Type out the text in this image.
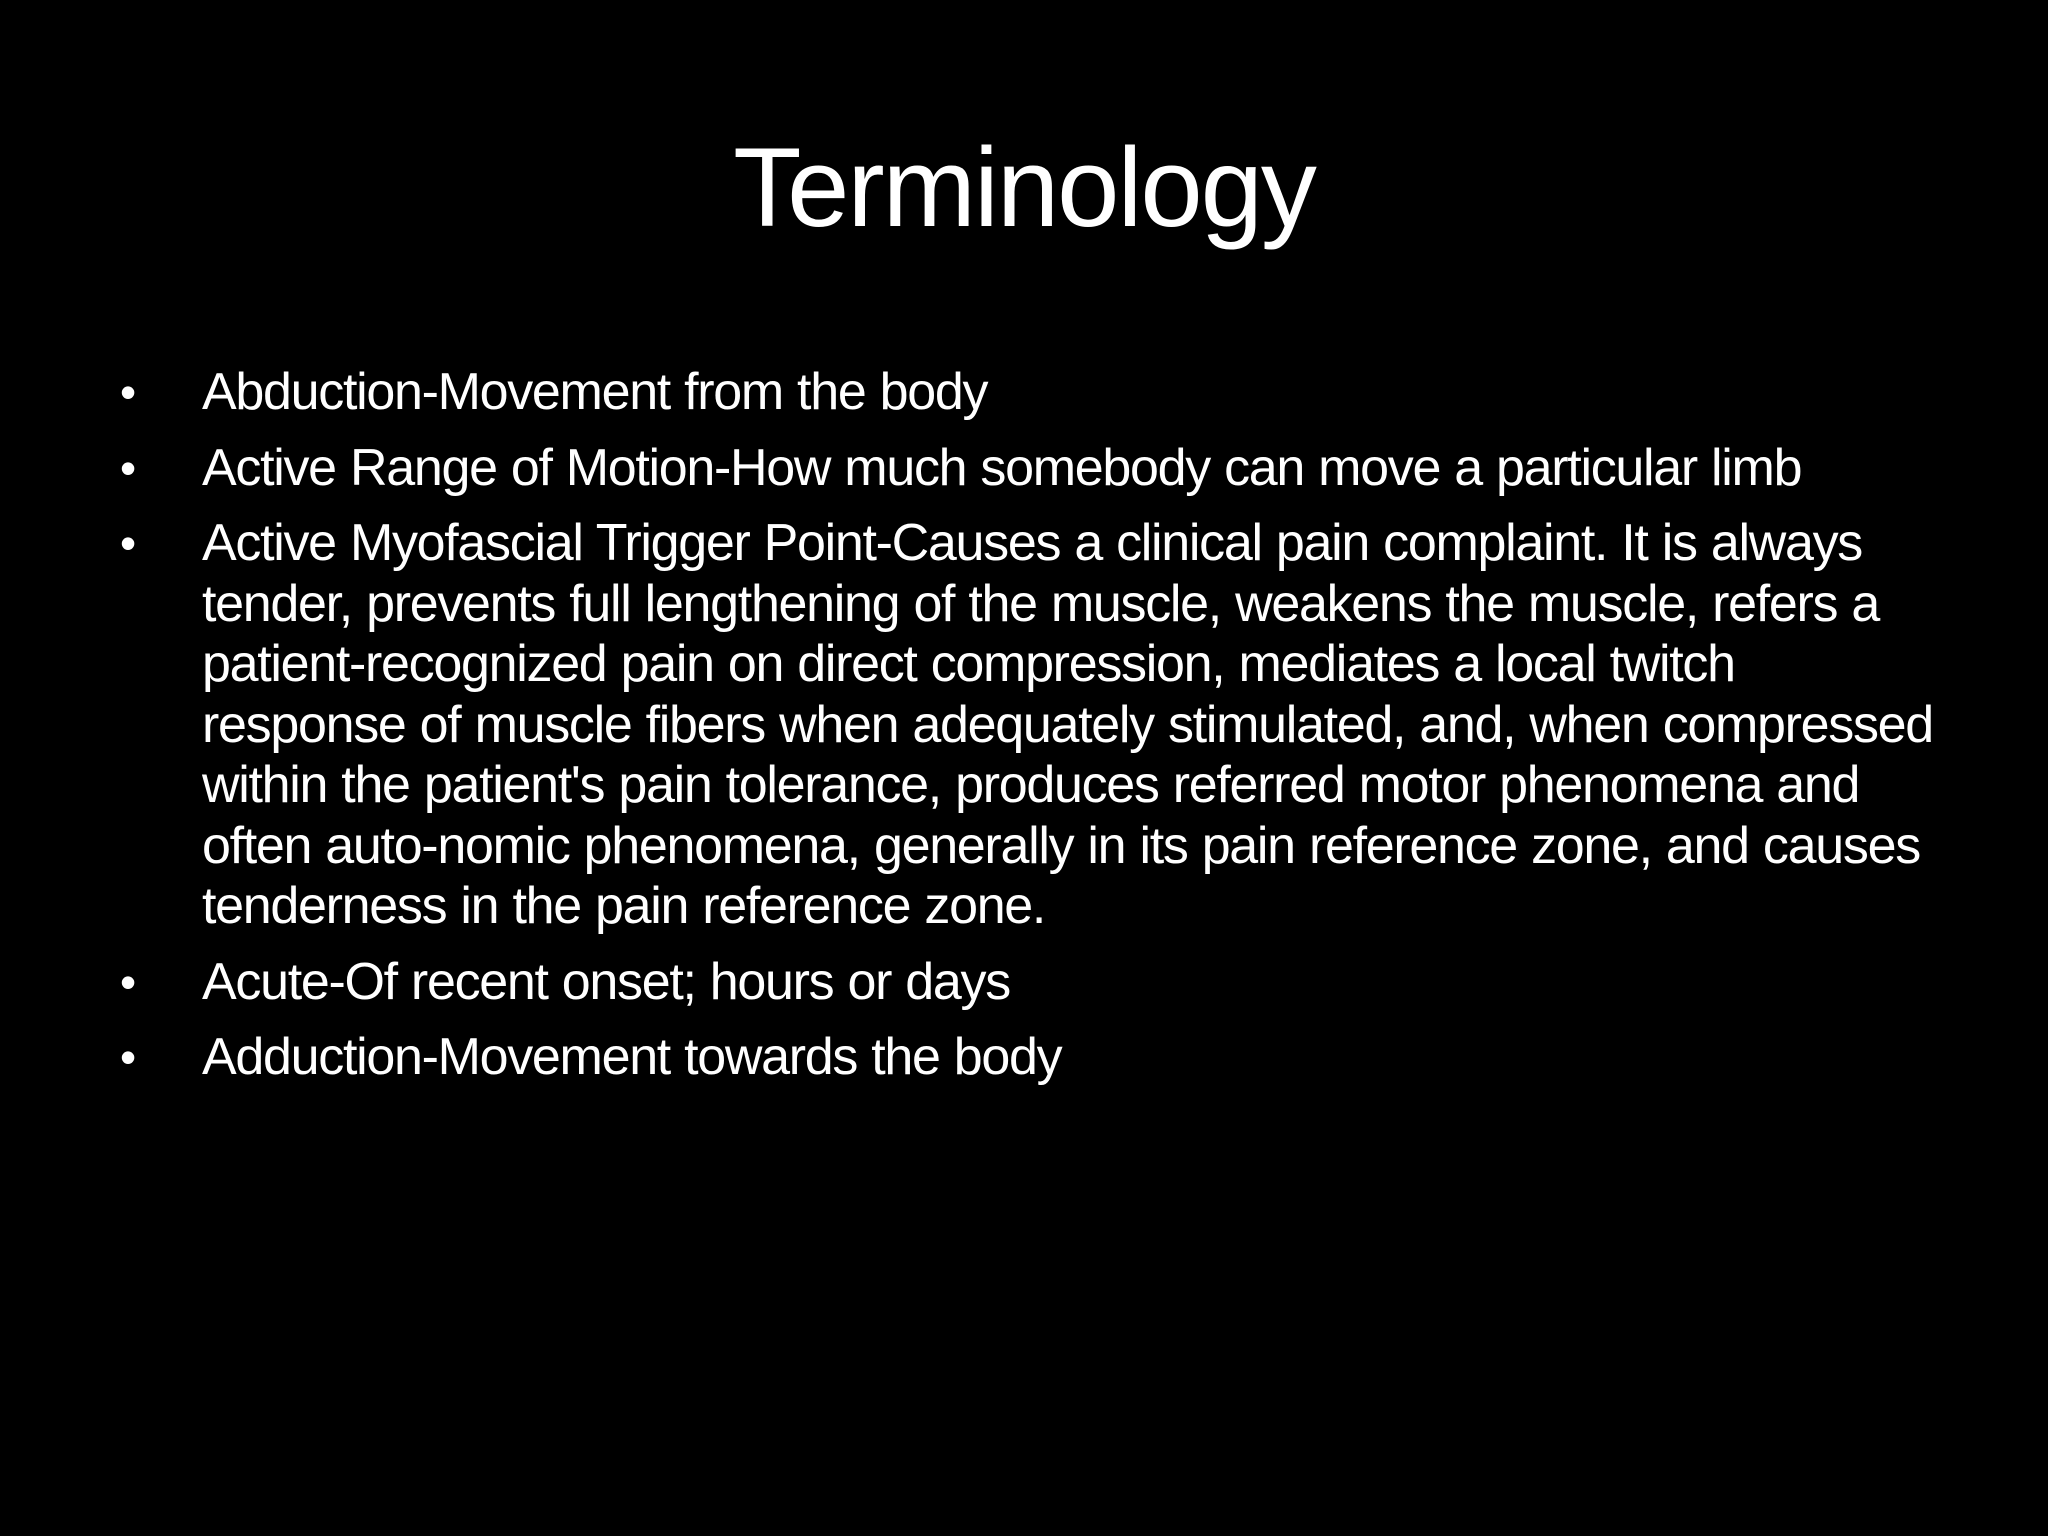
Terminology
•	Abduction-Movement from the body
•	Active Range of Motion-How much somebody can move a particular limb
•	Active Myofascial Trigger Point-Causes a clinical pain complaint. It is always tender, prevents full lengthening of the muscle, weakens the muscle, refers a patient-recognized pain on direct compression, mediates a local twitch response of muscle fibers when adequately stimulated, and, when compressed within the patient's pain tolerance, produces referred motor phenomena and often auto-nomic phenomena, generally in its pain reference zone, and causes tenderness in the pain reference zone.
•	Acute-Of recent onset; hours or days
•	Adduction-Movement towards the body
